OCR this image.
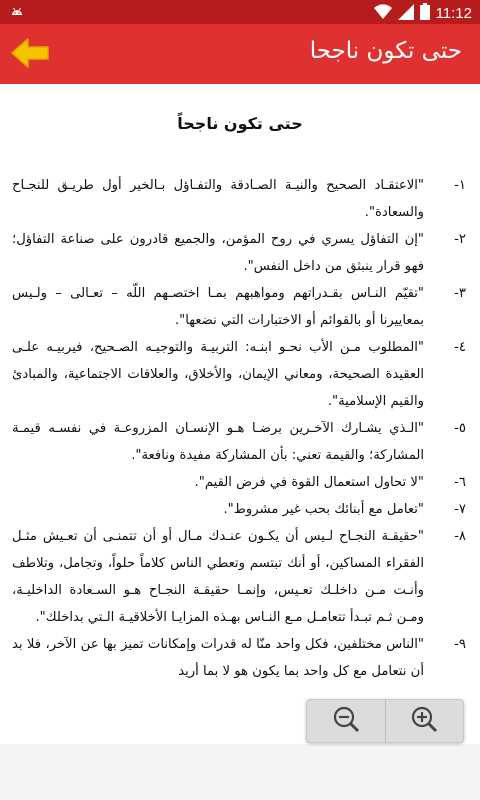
11:12
حتى تكون ناجحا
حتى تكون ناجحاً
١-
"الاعتقـاد الصحيح والنيـة الصـادقة والتفـاؤل بـالخير أول طريـق للنجـاح والسعادة".
٢-
"إن التفاؤل يسري في روح المؤمن، والجميع قادرون على صناعة التفاؤل؛ فهو قرار ينبثق من داخل النفس".
٣-
"تقيّم النـاس بقـدراتهم ومواهبهم بمـا اختصـهم اللّه – تعـالى – ولـيس بمعاييرنا أو بالقوائم أو الاختبارات التي نضعها".
٤-
"المطلوب مـن الأب نحـو ابنـه: التربيـة والتوجيـه الصـحيح، فيربيـه علـى العقيدة الصحيحة، ومعاني الإيمان، والأخلاق، والعلاقات الاجتماعية، والمبادئ والقيم الإسلامية".
٥-
"الـذي يشـارك الآخـرين برضـا هـو الإنسـان المزروعـة في نفسـه قيمـة المشاركة؛ والقيمة تعني: بأن المشاركة مفيدة ونافعة".
٦-
"لا تحاول استعمال القوة في فرض القيم".
٧-
"تعامل مع أبنائك بحب غير مشروط".
٨-
"حقيقـة النجـاح لـيس أن يكـون عنـدك مـال أو أن تتمنـى أن تعـيش مثـل الفقراء المساكين، أو أنك تبتسم وتعطي الناس كلاماً حلواً، وتجامل، وتلاطف وأنـت مـن داخلـك تعـيس، وإنمـا حقيقـة النجـاح هـو السـعادة الداخليـة، ومـن ثـم تبـدأ تتعامـل مـع النـاس بهـذه المزايـا الأخلاقيـة الـتي بداخلك".
٩-
"الناس مختلفين، فكل واحد منّا له قدرات وإمكانات تميز بها عن الآخر، فلا بد أن نتعامل مع كل واحد بما يكون هو لا بما أريد
